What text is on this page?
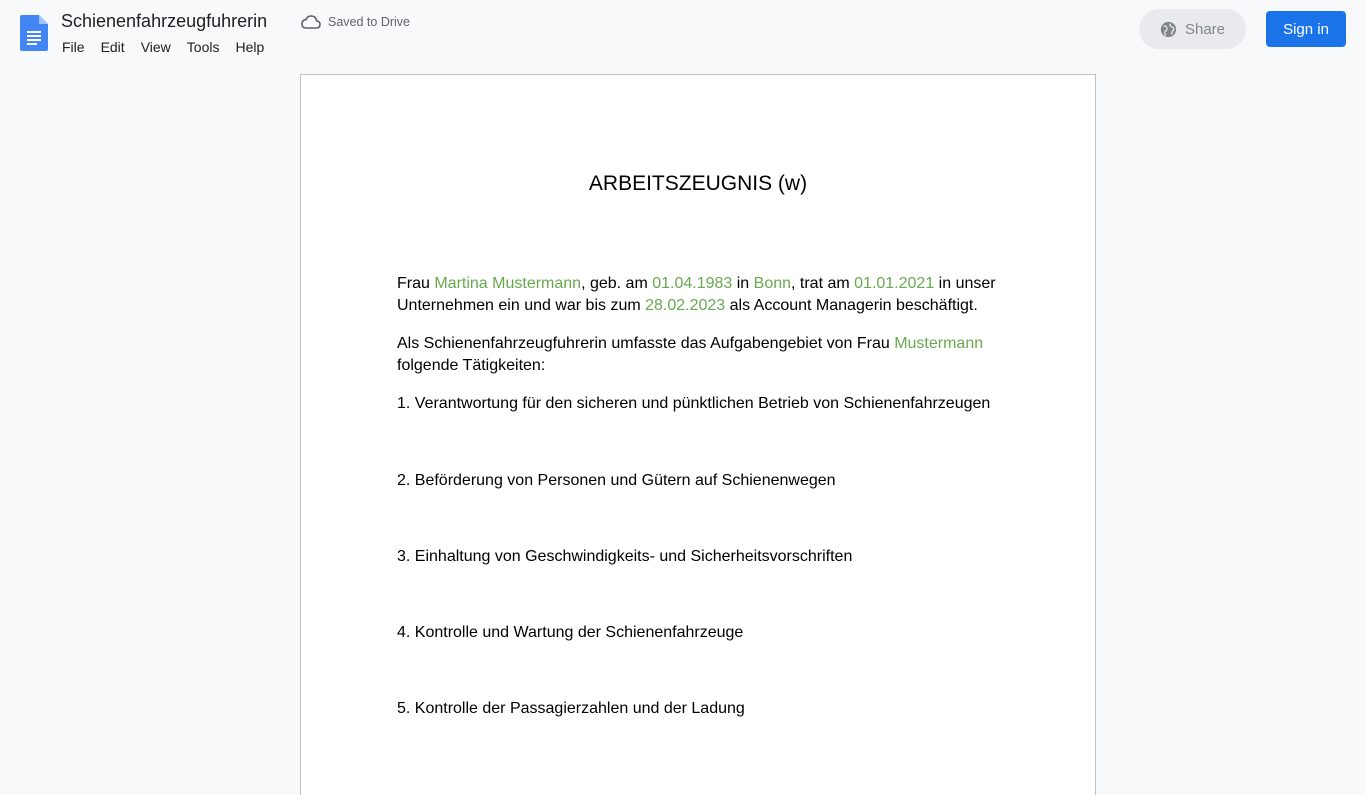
Schienenfahrzeugfuhrerin
File	Edit	View	Tools	Help
Saved to Drive	Share	Sign in
ARBEITSZEUGNIS (w)
Frau Martina Mustermann, geb. am 01.04.1983 in Bonn, trat am 01.01.2021 in unser Unternehmen ein und war bis zum 28.02.2023 als Account Managerin beschäftigt.
Als Schienenfahrzeugfuhrerin umfasste das Aufgabengebiet von Frau Mustermann folgende Tätigkeiten:
1. Verantwortung für den sicheren und pünktlichen Betrieb von Schienenfahrzeugen
2. Beförderung von Personen und Gütern auf Schienenwegen
3. Einhaltung von Geschwindigkeits- und Sicherheitsvorschriften
4. Kontrolle und Wartung der Schienenfahrzeuge
5. Kontrolle der Passagierzahlen und der Ladung
